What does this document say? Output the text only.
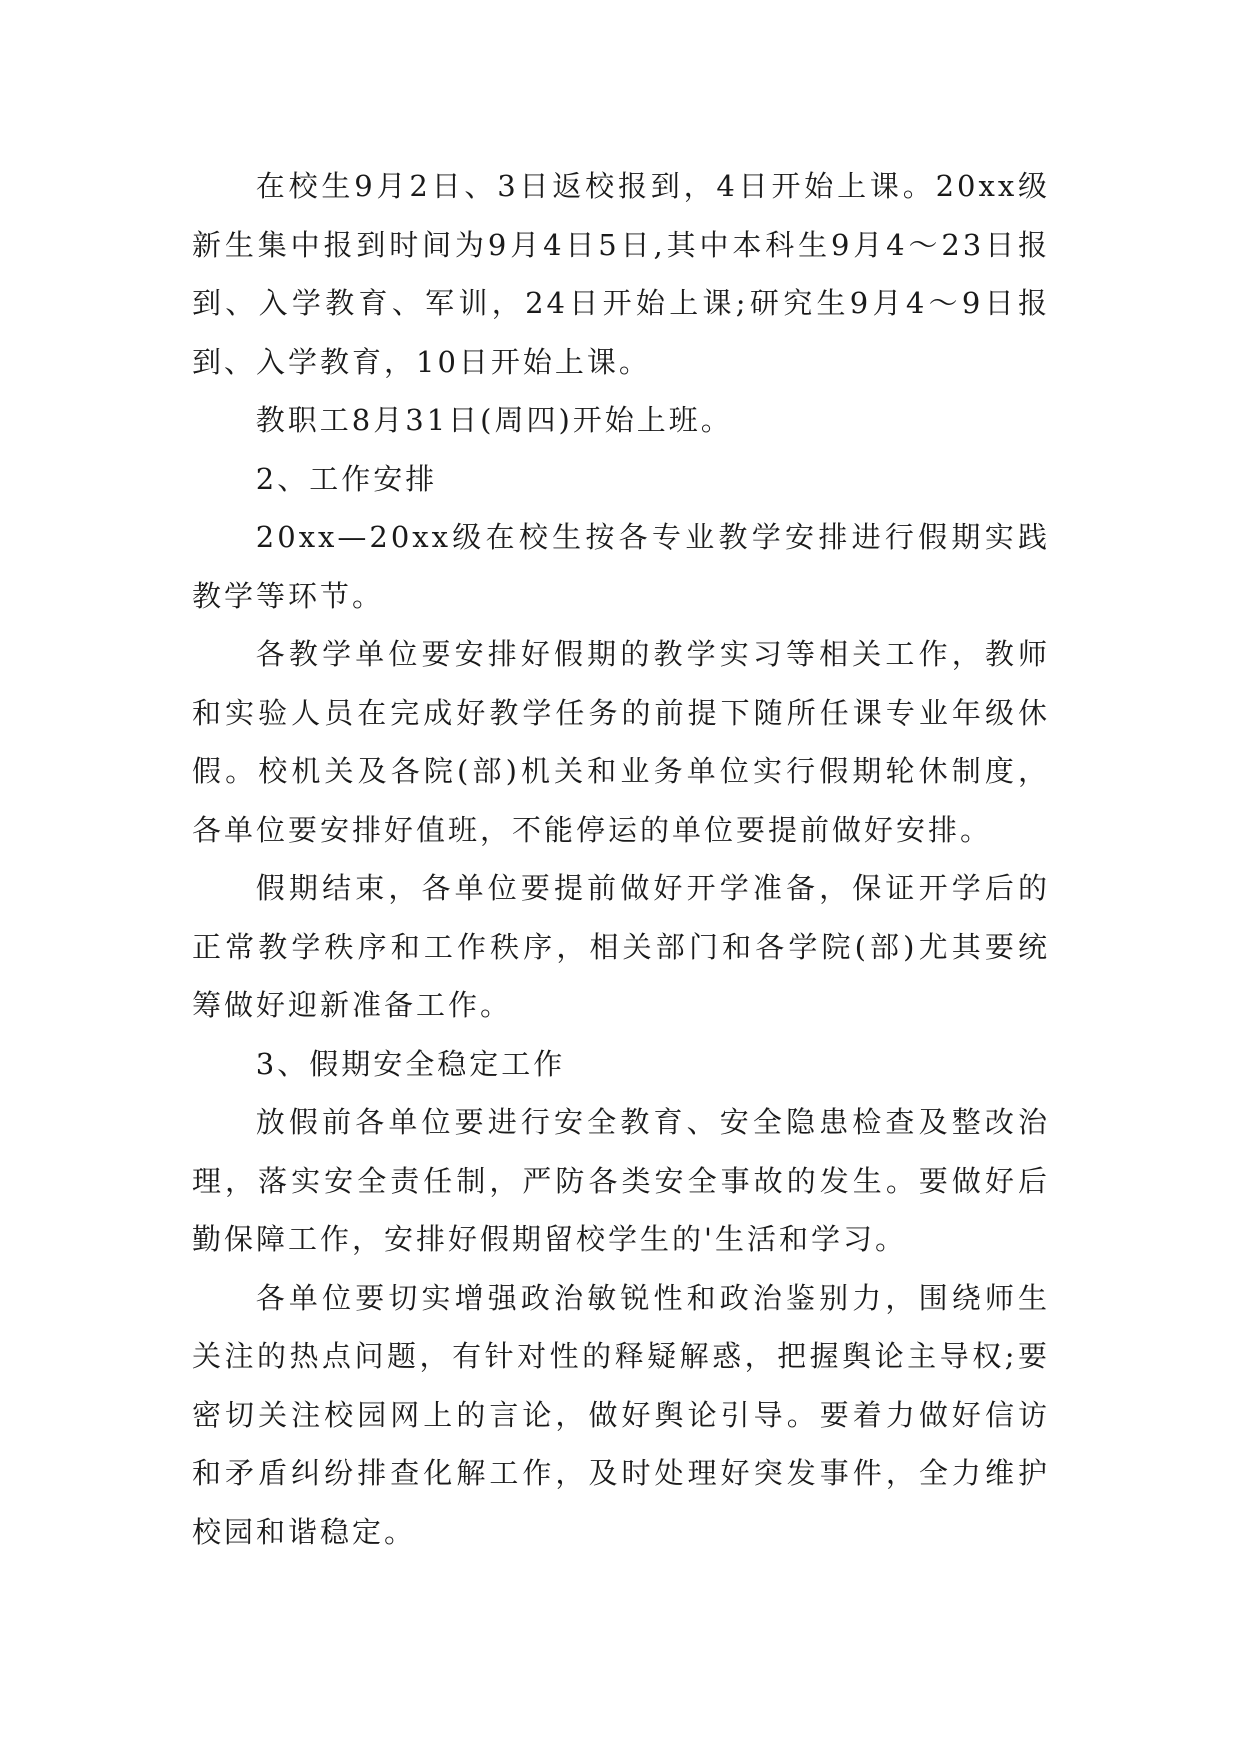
在校生9月2日、3日返校报到，4日开始上课。20xx级新生集中报到时间为9月4日5日,其中本科生9月4～23日报到、入学教育、军训，24日开始上课;研究生9月4～9日报到、入学教育，10日开始上课。

教职工8月31日(周四)开始上班。

2、工作安排

20xx—20xx级在校生按各专业教学安排进行假期实践教学等环节。

各教学单位要安排好假期的教学实习等相关工作，教师和实验人员在完成好教学任务的前提下随所任课专业年级休假。校机关及各院(部)机关和业务单位实行假期轮休制度，各单位要安排好值班，不能停运的单位要提前做好安排。

假期结束，各单位要提前做好开学准备，保证开学后的正常教学秩序和工作秩序，相关部门和各学院(部)尤其要统筹做好迎新准备工作。

3、假期安全稳定工作

放假前各单位要进行安全教育、安全隐患检查及整改治理，落实安全责任制，严防各类安全事故的发生。要做好后勤保障工作，安排好假期留校学生的'生活和学习。

各单位要切实增强政治敏锐性和政治鉴别力，围绕师生关注的热点问题，有针对性的释疑解惑，把握舆论主导权;要密切关注校园网上的言论，做好舆论引导。要着力做好信访和矛盾纠纷排查化解工作，及时处理好突发事件，全力维护校园和谐稳定。
